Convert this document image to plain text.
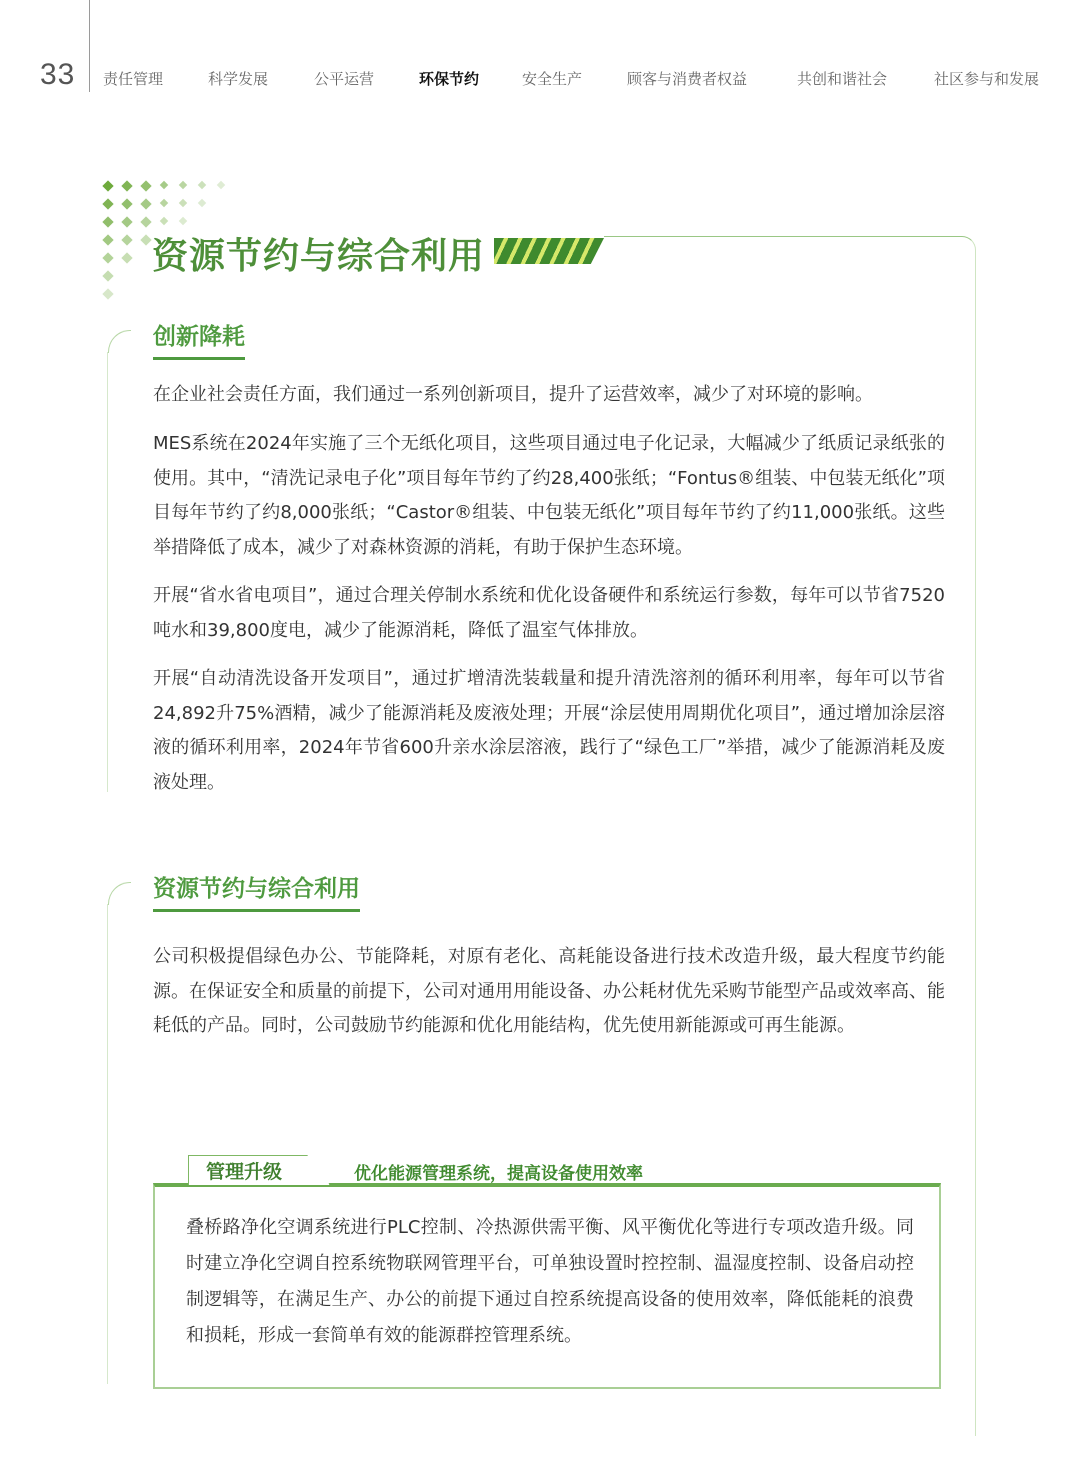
33 责任管理	科学发展	公平运营	环保节约	安全生产	顾客与消费者权益	共创和谐社会	社区参与和发展
资源节约与综合利用
创新降耗

在企业社会责任方面，我们通过一系列创新项目，提升了运营效率，减少了对环境的影响。

MES系统在2024年实施了三个无纸化项目，这些项目通过电子化记录，大幅减少了纸质记录纸张的使用。其中，“清洗记录电子化”项目每年节约了约28,400张纸；“Fontus®组装、中包装无纸化”项目每年节约了约8,000张纸；“Castor®组装、中包装无纸化”项目每年节约了约11,000张纸。这些举措降低了成本，减少了对森林资源的消耗，有助于保护生态环境。

开展“省水省电项目”，通过合理关停制水系统和优化设备硬件和系统运行参数，每年可以节省7520吨水和39,800度电，减少了能源消耗，降低了温室气体排放。

开展“自动清洗设备开发项目”，通过扩增清洗装载量和提升清洗溶剂的循环利用率，每年可以节省24,892升75%酒精，减少了能源消耗及废液处理；开展“涂层使用周期优化项目”，通过增加涂层溶液的循环利用率，2024年节省600升亲水涂层溶液，践行了“绿色工厂”举措，减少了能源消耗及废液处理。

资源节约与综合利用

公司积极提倡绿色办公、节能降耗，对原有老化、高耗能设备进行技术改造升级，最大程度节约能源。在保证安全和质量的前提下，公司对通用用能设备、办公耗材优先采购节能型产品或效率高、能耗低的产品。同时，公司鼓励节约能源和优化用能结构，优先使用新能源或可再生能源。

管理升级	优化能源管理系统，提高设备使用效率

叠桥路净化空调系统进行PLC控制、冷热源供需平衡、风平衡优化等进行专项改造升级。同时建立净化空调自控系统物联网管理平台，可单独设置时控控制、温湿度控制、设备启动控制逻辑等，在满足生产、办公的前提下通过自控系统提高设备的使用效率，降低能耗的浪费和损耗，形成一套简单有效的能源群控管理系统。
